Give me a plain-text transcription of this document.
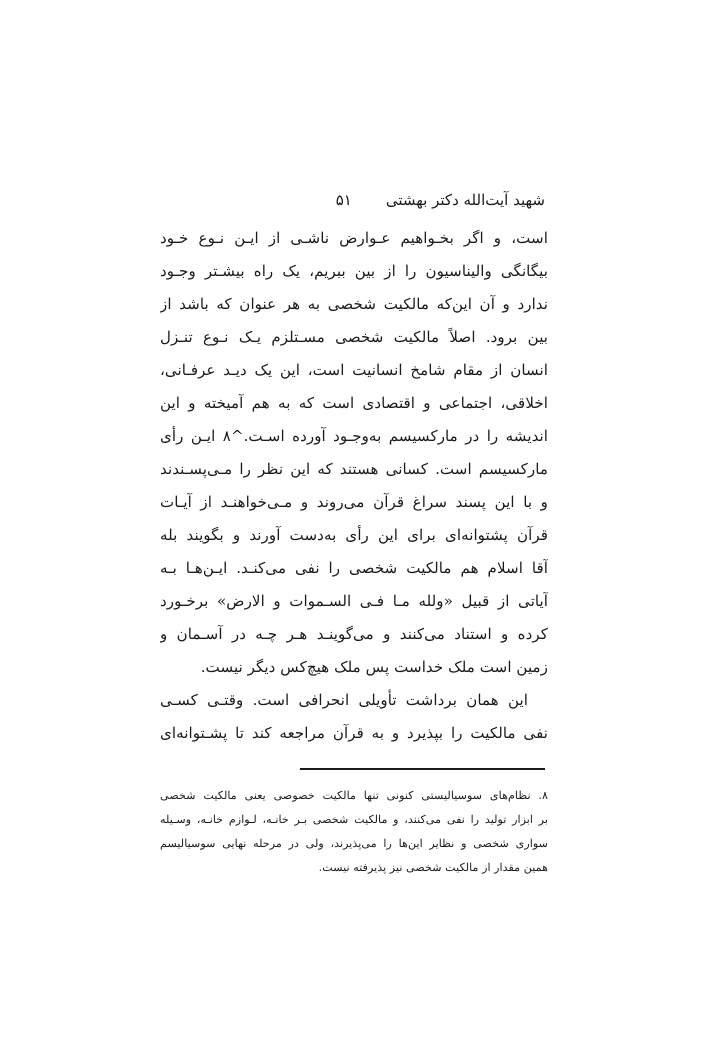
شهید آیت‌الله دکتر بهشتی
۵۱
است، و اگر بخـواهیم عـوارض ناشـی از ایـن نـوع خـود
بیگانگی والیناسیون را از بین ببریم، یک راه بیشـتر وجـود
ندارد و آن این‌که مالکیت شخصی به هر عنوان که باشد از
بین برود. اصلاً مالکیت شخصی مسـتلزم یـک نـوع تنـزل
انسان از مقام شامخ انسانیت است، این یک دیـد عرفـانی،
اخلاقی، اجتماعی و اقتصادی است که به هم آمیخته و این
اندیشه را در مارکسیسم به‌وجـود آورده اسـت.^۸ ایـن رأی
مارکسیسم است. کسانی هستند که این نظر را مـی‌پسـندند
و با این پسند سراغ قرآن می‌روند و مـی‌خواهنـد از آیـات
قرآن پشتوانه‌ای برای این رأی به‌دست آورند و بگویند بله
آقا اسلام هم مالکیت شخصی را نفی می‌کنـد. ایـن‌هـا بـه
آیاتی از قبیل «ولله مـا فـی السـموات و الارض» برخـورد
کرده و استناد می‌کنند و می‌گوینـد هـر چـه در آسـمان و
زمین است ملک خداست پس ملک هیچ‌کس دیگر نیست.
این همان برداشت تأویلی انحرافی است. وقتـی کسـی
نفی مالکیت را بپذیرد و به قرآن مراجعه کند تا پشـتوانه‌ای
۸. نظام‌های سوسیالیستی کنونی تنها مالکیت خصوصی یعنی مالکیت شخصی
بر ابزار تولید را نفی می‌کنند، و مالکیت شخصی بـر خانـه، لـوازم خانـه، وسـیله
سواری شخصی و نظایر این‌ها را می‌پذیرند، ولی در مرحله نهایی سوسیالیسم
همین مقدار از مالکیت شخصی نیز پذیرفته نیست.
